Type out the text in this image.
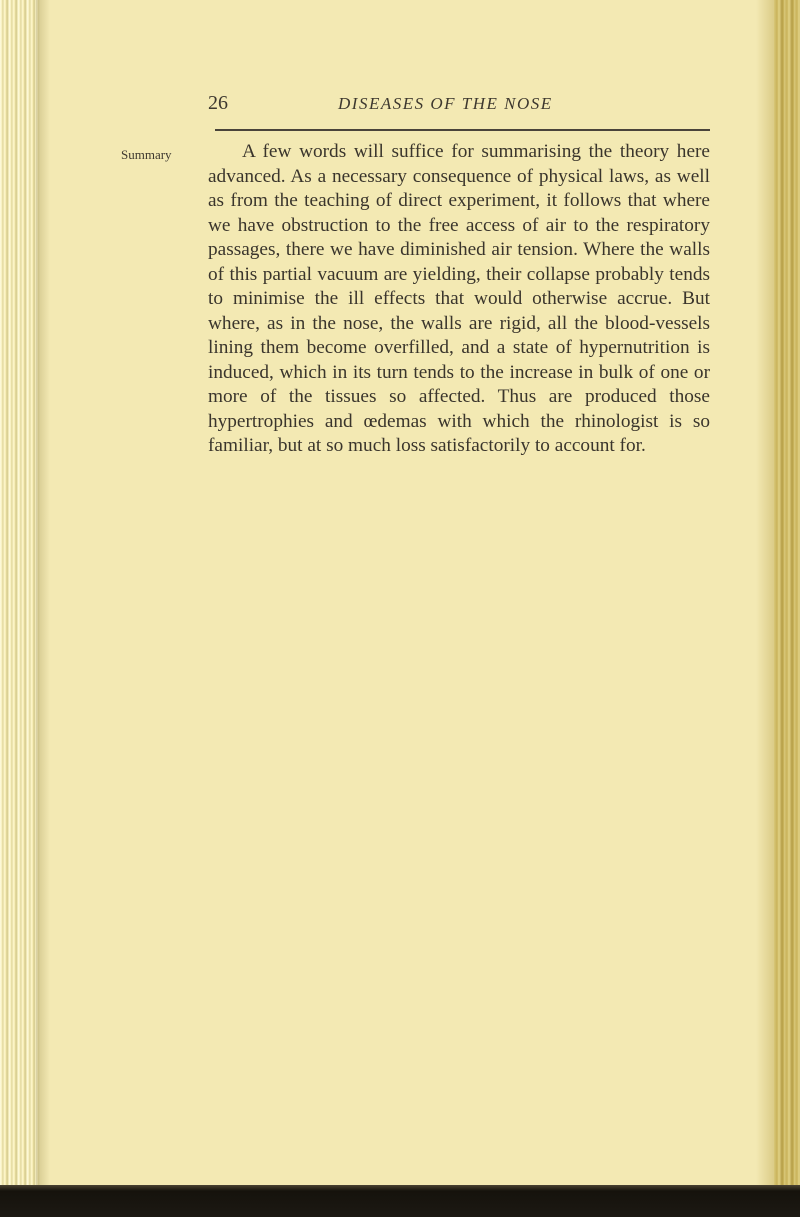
26	DISEASES OF THE NOSE
Summary	A few words will suffice for summarising the theory here advanced. As a necessary consequence of physical laws, as well as from the teaching of direct experiment, it follows that where we have obstruction to the free access of air to the respiratory passages, there we have diminished air tension. Where the walls of this partial vacuum are yielding, their collapse probably tends to minimise the ill effects that would otherwise accrue. But where, as in the nose, the walls are rigid, all the blood-vessels lining them become overfilled, and a state of hypernutrition is induced, which in its turn tends to the increase in bulk of one or more of the tissues so affected. Thus are produced those hypertrophies and œdemas with which the rhinologist is so familiar, but at so much loss satisfactorily to account for.
